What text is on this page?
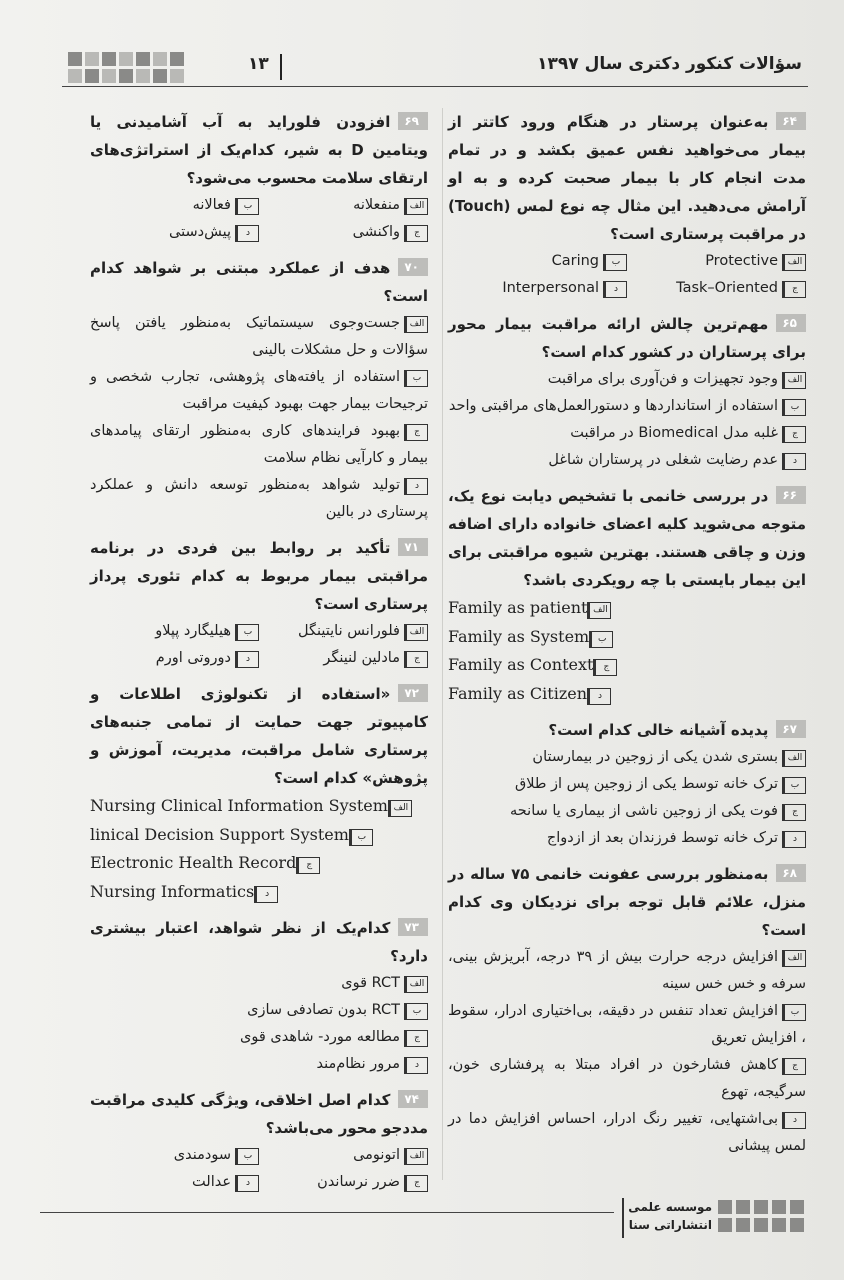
سؤالات کنکور دکتری سال ۱۳۹۷
۱۳
۶۴به‌عنوان پرستار در هنگام ورود کاتتر از بیمار می‌خواهید نفس عمیق بکشد و در تمام مدت انجام کار با بیمار صحبت کرده و به او آرامش می‌دهید. این مثال چه نوع لمس (Touch) در مراقبت پرستاری است؟
الفProtective
بCaring
جTask–Oriented
دInterpersonal
۶۵مهم‌ترین چالش ارائه مراقبت بیمار محور برای پرستاران در کشور کدام است؟
الفوجود تجهیزات و فن‌آوری برای مراقبت
باستفاده از استانداردها و دستورالعمل‌های مراقبتی واحد
جغلبه مدل Biomedical در مراقبت
دعدم رضایت شغلی در پرستاران شاغل
۶۶در بررسی خانمی با تشخیص دیابت نوع یک، متوجه می‌شوید کلیه اعضای خانواده دارای اضافه وزن و چاقی هستند. بهترین شیوه مراقبتی برای این بیمار بایستی با چه رویکردی باشد؟
Family as patient الف
Family as System ب
Family as Context ج
Family as Citizen د
۶۷پدیده آشیانه خالی کدام است؟
الفبستری شدن یکی از زوجین در بیمارستان
بترک خانه توسط یکی از زوجین پس از طلاق
جفوت یکی از زوجین ناشی از بیماری یا سانحه
دترک خانه توسط فرزندان بعد از ازدواج
۶۸به‌منظور بررسی عفونت خانمی ۷۵ ساله در منزل، علائم قابل توجه برای نزدیکان وی کدام است؟
الفافزایش درجه حرارت بیش از ۳۹ درجه، آبریزش بینی، سرفه و خس خس سینه
بافزایش تعداد تنفس در دقیقه، بی‌اختیاری ادرار، سقوط ، افزایش تعریق
جکاهش فشارخون در افراد مبتلا به پرفشاری خون، سرگیجه، تهوع
دبی‌اشتهایی، تغییر رنگ ادرار، احساس افزایش دما در لمس پیشانی
۶۹افزودن فلوراید به آب آشامیدنی یا ویتامین D به شیر، کدام‌یک از استراتژی‌های ارتقای سلامت محسوب می‌شود؟
الفمنفعلانه
بفعالانه
جواکنشی
دپیش‌دستی
۷۰هدف از عملکرد مبتنی بر شواهد کدام است؟
الفجست‌وجوی سیستماتیک به‌منظور یافتن پاسخ سؤالات و حل مشکلات بالینی
باستفاده از یافته‌های پژوهشی، تجارب شخصی و ترجیحات بیمار جهت بهبود کیفیت مراقبت
جبهبود فرایندهای کاری به‌منظور ارتقای پیامدهای بیمار و کارآیی نظام سلامت
دتولید شواهد به‌منظور توسعه دانش و عملکرد پرستاری در بالین
۷۱تأکید بر روابط بین فردی در برنامه مراقبتی بیمار مربوط به کدام تئوری پرداز پرستاری است؟
الففلورانس نایتینگل
بهیلیگارد پپلاو
جمادلین لنینگر
ددوروتی اورم
۷۲«استفاده از تکنولوژی اطلاعات و کامپیوتر جهت حمایت از تمامی جنبه‌های پرستاری شامل مراقبت، مدیریت، آموزش و پژوهش» کدام است؟
Nursing Clinical Information System الف
linical Decision Support System ب
Electronic Health Record ج
Nursing Informatics د
۷۳کدام‌یک از نظر شواهد، اعتبار بیشتری دارد؟
الفRCT قوی
بRCT بدون تصادفی سازی
جمطالعه مورد- شاهدی قوی
دمرور نظام‌مند
۷۴کدام اصل اخلاقی، ویژگی کلیدی مراقبت مددجو محور می‌باشد؟
الفاتونومی
بسودمندی
جضرر نرساندن
دعدالت
موسسه علمی
انتشاراتی سنا
